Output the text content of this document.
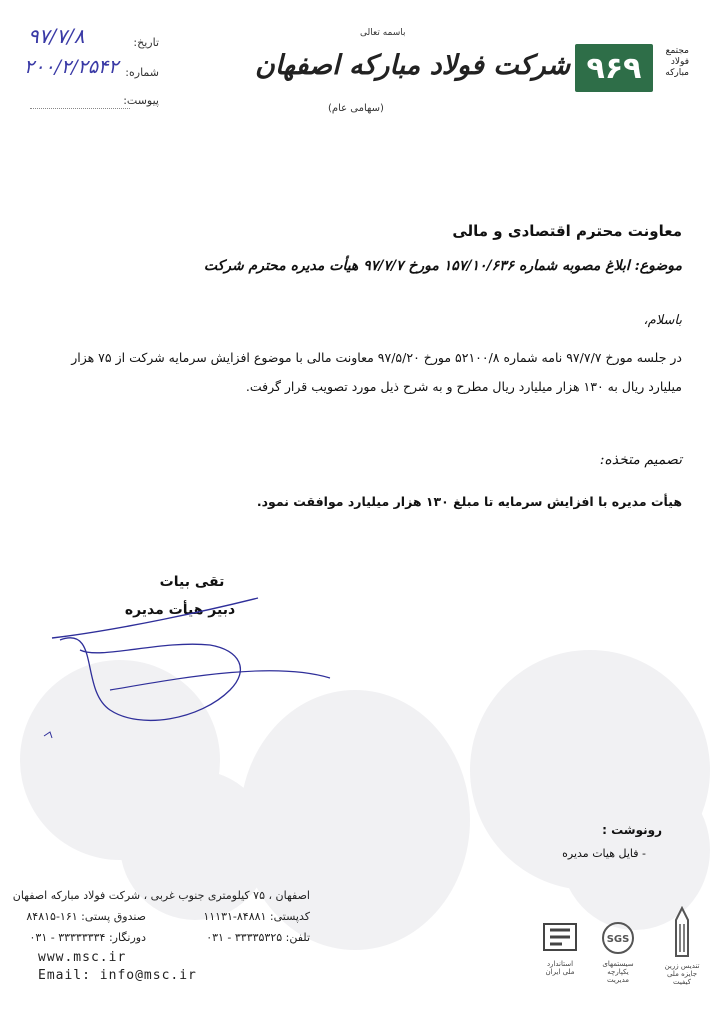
۹۷/۷/۸	تاریخ:
۲۰۰/۲/۲۵۴۲ شماره:
پیوست:
باسمه تعالی
شرکت فولاد مبارکه اصفهان
(سهامی عام)
۹۶۹	مجتمع
فولاد
مبارکه
معاونت محترم اقتصادی و مالی
موضوع: ابلاغ مصوبه شماره ۱۵۷/۱۰/۶۳۶ مورخ ۹۷/۷/۷ هیأت مدیره محترم شرکت
باسلام،
در جلسه مورخ ۹۷/۷/۷ نامه شماره ۵۲۱۰۰/۸ مورخ ۹۷/۵/۲۰ معاونت مالی با موضوع افزایش سرمایه شرکت از ۷۵ هزار
میلیارد ریال به ۱۳۰ هزار میلیارد ریال مطرح و به شرح ذیل مورد تصویب قرار گرفت.
تصمیم متخذه:
هیأت مدیره با افزایش سرمایه تا مبلغ ۱۳۰ هزار میلیارد موافقت نمود.
تقی بیات
دبیر هیأت مدیره
رونوشت :
- فایل هیات مدیره
اصفهان ، ۷۵ کیلومتری جنوب غربی ، شرکت فولاد مبارکه اصفهان
کدپستی: ۸۴۸۸۱-۱۱۱۳۱
صندوق پستی: ۱۶۱-۸۴۸۱۵
تلفن: ۳۳۳۳۵۳۲۵ - ۰۳۱
دورنگار: ۳۳۳۳۳۳۳۴ - ۰۳۱
www.msc.ir
Email: info@msc.ir
استاندارد ملی ایران
SGS
سیستمهای یکپارچه مدیریت
تندیس زرین جایزه ملی کیفیت
